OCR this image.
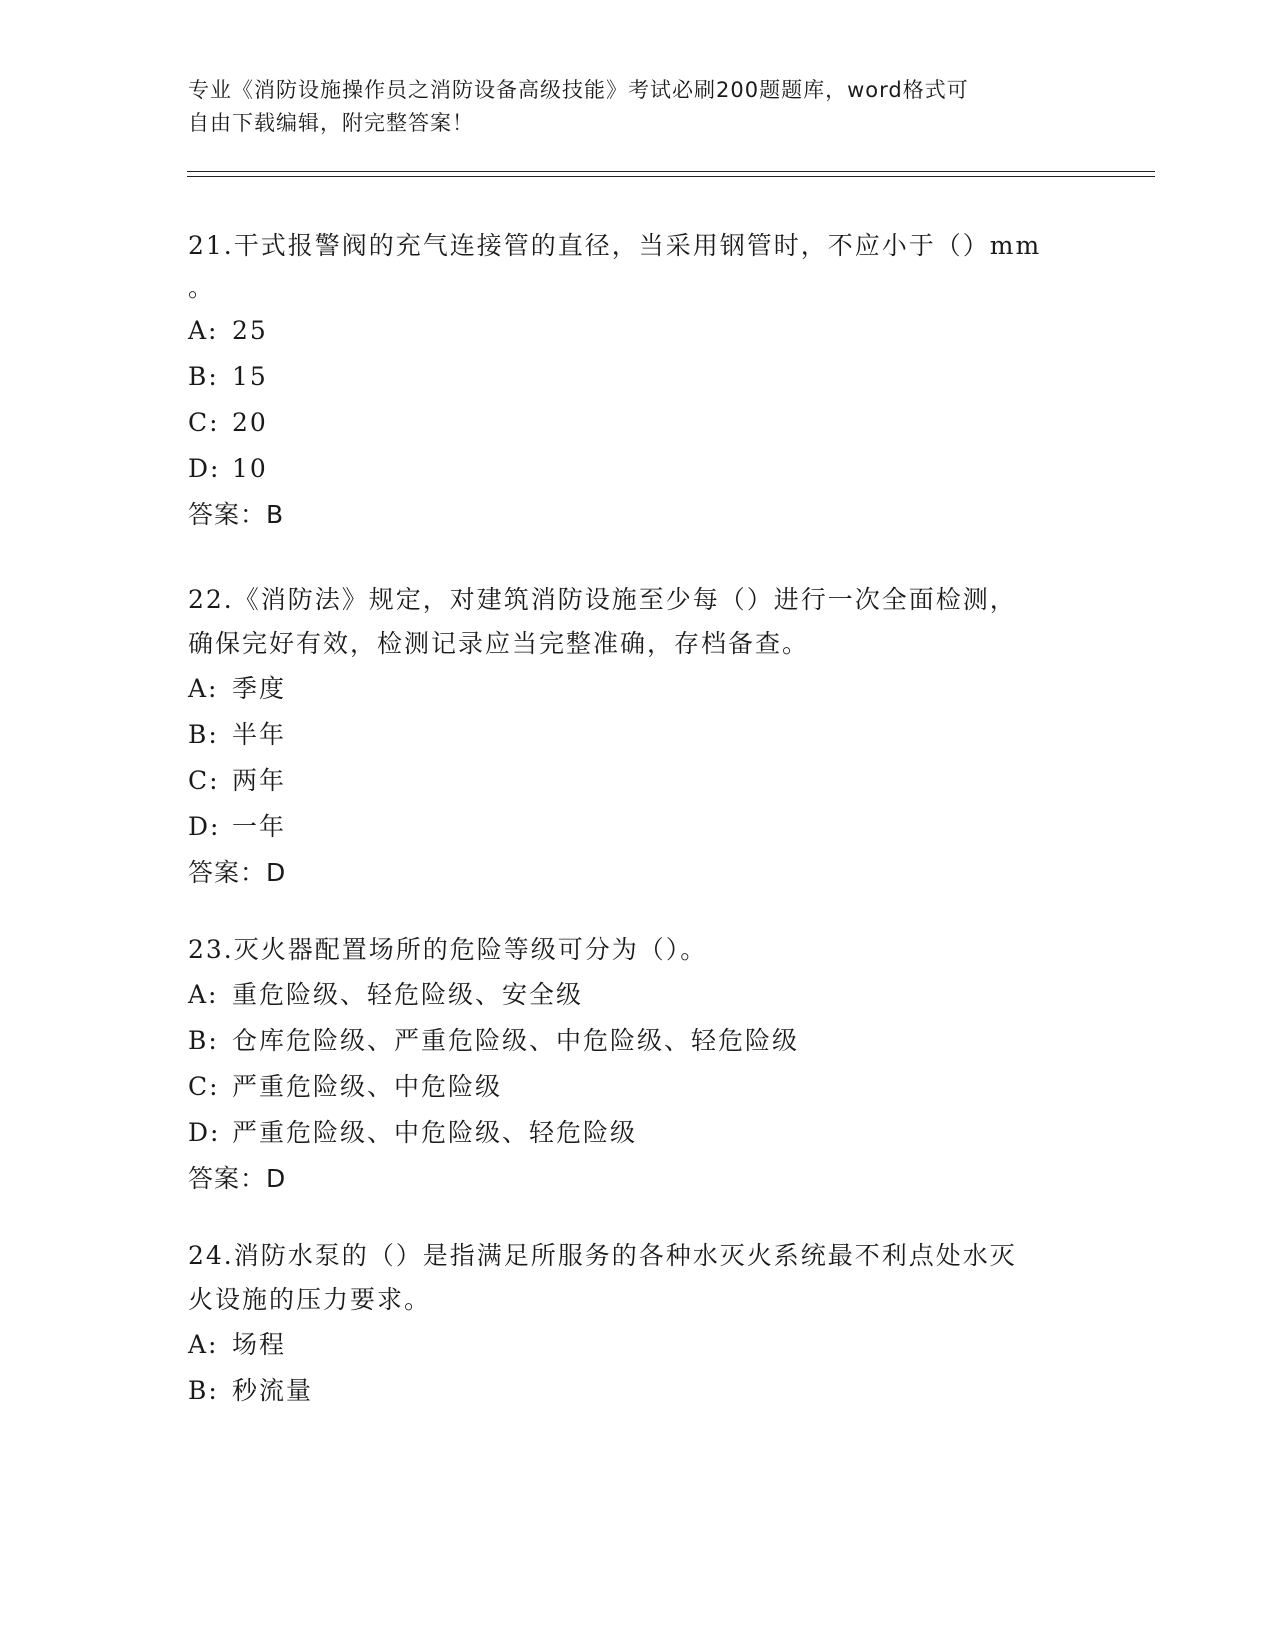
专业《消防设施操作员之消防设备高级技能》考试必刷200题题库，word格式可
自由下载编辑，附完整答案！
21.干式报警阀的充气连接管的直径，当采用钢管时，不应小于（）mm
。
A: 25
B: 15
C: 20
D: 10
答案：B
22.《消防法》规定，对建筑消防设施至少每（）进行一次全面检测，
确保完好有效，检测记录应当完整准确，存档备查。
A: 季度
B: 半年
C: 两年
D: 一年
答案：D
23.灭火器配置场所的危险等级可分为（）。
A: 重危险级、轻危险级、安全级
B: 仓库危险级、严重危险级、中危险级、轻危险级
C: 严重危险级、中危险级
D: 严重危险级、中危险级、轻危险级
答案：D
24.消防水泵的（）是指满足所服务的各种水灭火系统最不利点处水灭
火设施的压力要求。
A: 场程
B: 秒流量
